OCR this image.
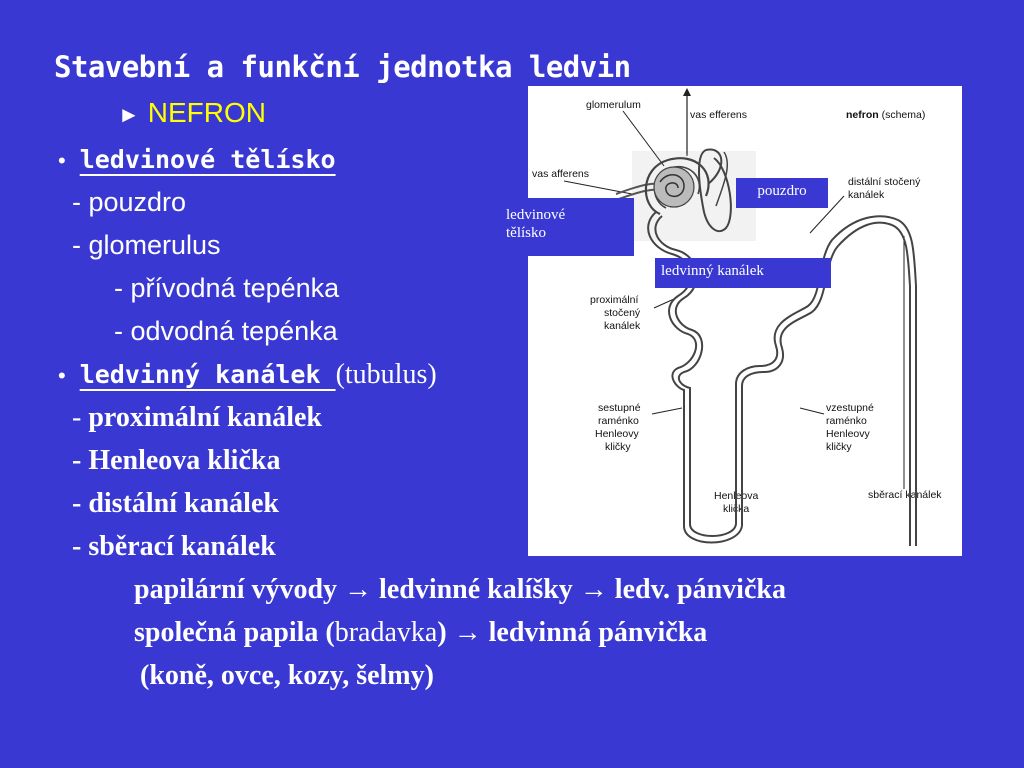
Stavební a funkční jednotka ledvin
► NEFRON
• ledvinové tělísko
- pouzdro
- glomerulus
- přívodná tepénka
- odvodná tepénka
• ledvinný kanálek (tubulus)
- proximální kanálek
- Henleova klička
- distální kanálek
- sběrací kanálek
papilární vývody → ledvinné kalíšky → ledv. pánvička
společná papila (bradavka) → ledvinná pánvička
(koně, ovce, kozy, šelmy)
glomerulum
vas efferens	nefron (schema)
vas afferens
distální stočený
kanálek
proximální
stočený
kanálek
sestupné
raménko
Henleovy
kličky
vzestupné
raménko
Henleovy
kličky
sběrací kanálek
Henleova
klička
pouzdro
ledvinové
tělísko
ledvinný kanálek
